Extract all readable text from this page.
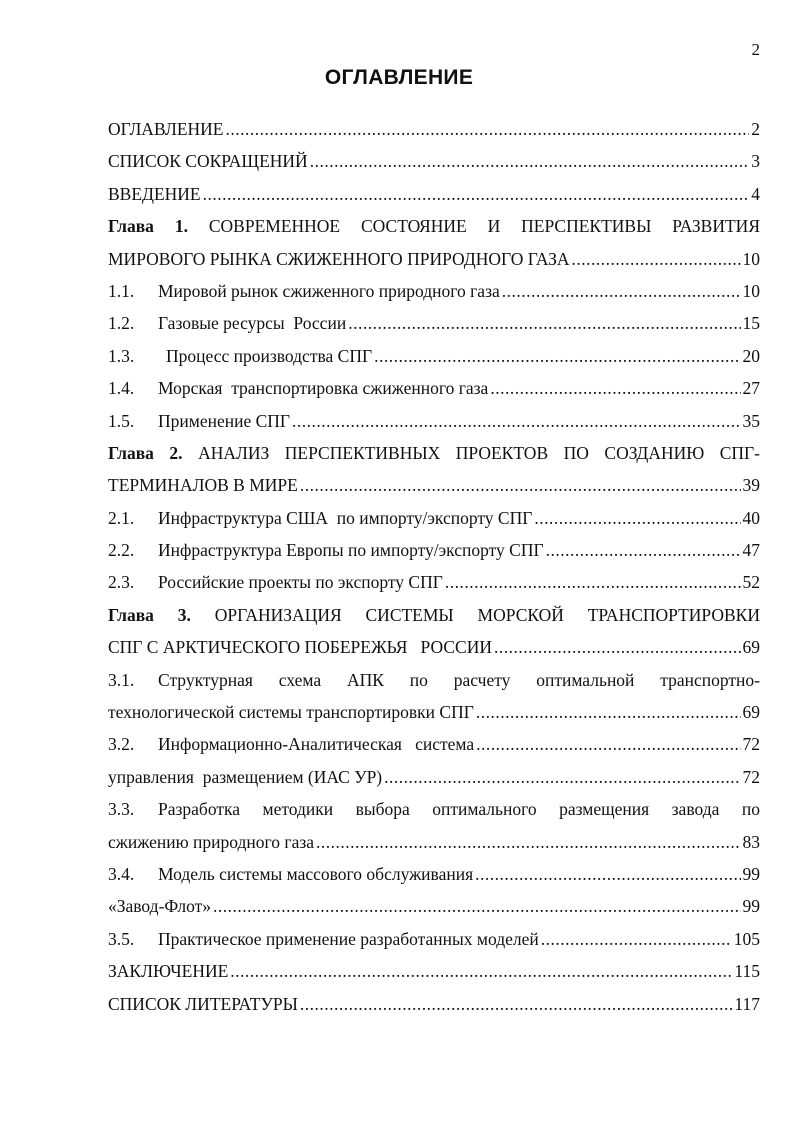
2
ОГЛАВЛЕНИЕ
ОГЛАВЛЕНИЕ .....	2
СПИСОК СОКРАЩЕНИЙ .....	3
ВВЕДЕНИЕ .....	4
Глава 1. СОВРЕМЕННОЕ СОСТОЯНИЕ И ПЕРСПЕКТИВЫ РАЗВИТИЯ
МИРОВОГО РЫНКА СЖИЖЕННОГО ПРИРОДНОГО ГАЗА .....	10
1.1. Мировой рынок сжиженного природного газа .....	10
1.2. Газовые ресурсы  России .....	15
1.3. Процесс производства СПГ .....	20
1.4. Морская  транспортировка сжиженного газа .....	27
1.5. Применение СПГ .....	35
Глава 2. АНАЛИЗ ПЕРСПЕКТИВНЫХ ПРОЕКТОВ ПО СОЗДАНИЮ СПГ-
ТЕРМИНАЛОВ В МИРЕ .....	39
2.1. Инфраструктура США  по импорту/экспорту СПГ .....	40
2.2. Инфраструктура Европы по импорту/экспорту СПГ .....	47
2.3. Российские проекты по экспорту СПГ .....	52
Глава 3. ОРГАНИЗАЦИЯ СИСТЕМЫ МОРСКОЙ ТРАНСПОРТИРОВКИ
СПГ С АРКТИЧЕСКОГО ПОБЕРЕЖЬЯ   РОССИИ .....	69
3.1. Структурная схема АПК по расчету оптимальной транспортно-
технологической системы транспортировки СПГ .....	69
3.2. Информационно-Аналитическая   система .....	72
управления  размещением (ИАС УР) .....	72
3.3. Разработка методики выбора оптимального размещения завода по
сжижению природного газа .....	83
3.4. Модель системы массового обслуживания .....	99
«Завод-Флот» .....	99
3.5. Практическое применение разработанных моделей .....	105
ЗАКЛЮЧЕНИЕ .....	115
СПИСОК ЛИТЕРАТУРЫ .....	117
